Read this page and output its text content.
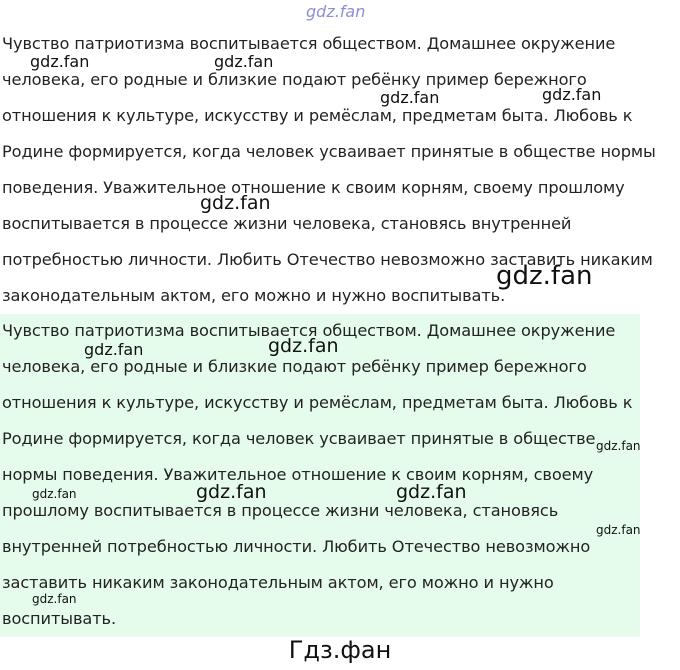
gdz.fan
Чувство патриотизма воспитывается обществом. Домашнее окружение
человека, его родные и близкие подают ребёнку пример бережного
отношения к культуре, искусству и ремёслам, предметам быта. Любовь к
Родине формируется, когда человек усваивает принятые в обществе нормы
поведения. Уважительное отношение к своим корням, своему прошлому
воспитывается в процессе жизни человека, становясь внутренней
потребностью личности. Любить Отечество невозможно заставить никаким
законодательным актом, его можно и нужно воспитывать.
Чувство патриотизма воспитывается обществом. Домашнее окружение
человека, его родные и близкие подают ребёнку пример бережного
отношения к культуре, искусству и ремёслам, предметам быта. Любовь к
Родине формируется, когда человек усваивает принятые в обществе
нормы поведения. Уважительное отношение к своим корням, своему
прошлому воспитывается в процессе жизни человека, становясь
внутренней потребностью личности. Любить Отечество невозможно
заставить никаким законодательным актом, его можно и нужно
воспитывать.
gdz.fan	gdz.fan
gdz.fan	gdz.fan
gdz.fan
gdz.fan
gdz.fan	gdz.fan
gdz.fan
gdz.fan	gdz.fan
gdz.fan
gdz.fan
gdz.fan
Гдз.фан
